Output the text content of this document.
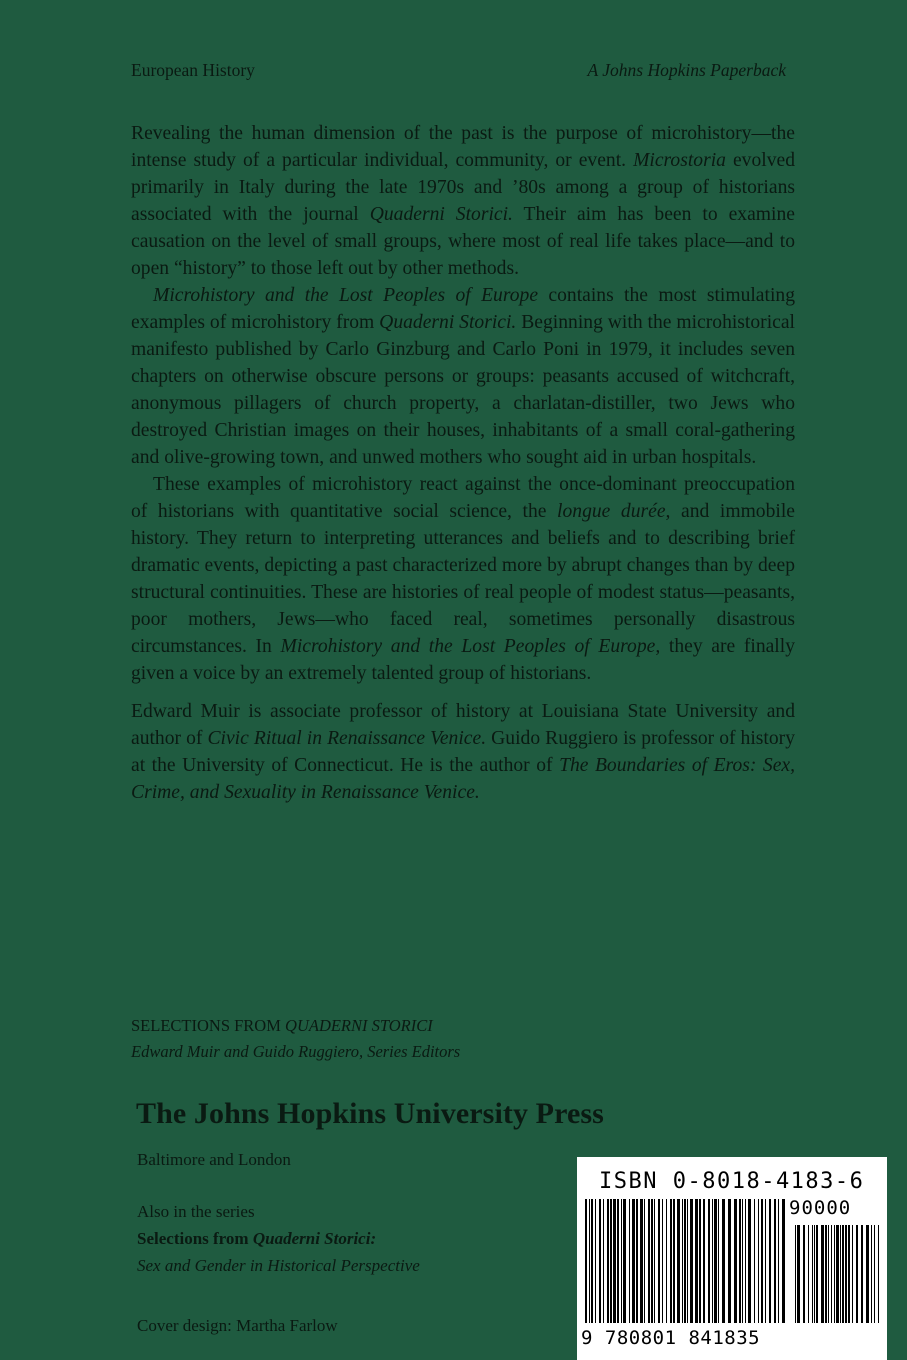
European History	A Johns Hopkins Paperback

Revealing the human dimension of the past is the purpose of microhistory—the intense study of a particular individual, community, or event. Microstoria evolved primarily in Italy during the late 1970s and ’80s among a group of historians associated with the journal Quaderni Storici. Their aim has been to examine causation on the level of small groups, where most of real life takes place—and to open “history” to those left out by other methods.

Microhistory and the Lost Peoples of Europe contains the most stimulating examples of microhistory from Quaderni Storici. Beginning with the microhistorical manifesto published by Carlo Ginzburg and Carlo Poni in 1979, it includes seven chapters on otherwise obscure persons or groups: peasants accused of witchcraft, anonymous pillagers of church property, a charlatan-distiller, two Jews who destroyed Christian images on their houses, inhabitants of a small coral-gathering and olive-growing town, and unwed mothers who sought aid in urban hospitals.

These examples of microhistory react against the once-dominant preoccupation of historians with quantitative social science, the longue durée, and immobile history. They return to interpreting utterances and beliefs and to describing brief dramatic events, depicting a past characterized more by abrupt changes than by deep structural continuities. These are histories of real people of modest status—peasants, poor mothers, Jews—who faced real, sometimes personally disastrous circumstances. In Microhistory and the Lost Peoples of Europe, they are finally given a voice by an extremely talented group of historians.

Edward Muir is associate professor of history at Louisiana State University and author of Civic Ritual in Renaissance Venice. Guido Ruggiero is professor of history at the University of Connecticut. He is the author of The Boundaries of Eros: Sex, Crime, and Sexuality in Renaissance Venice.

SELECTIONS FROM QUADERNI STORICI
Edward Muir and Guido Ruggiero, Series Editors
The Johns Hopkins University Press
Baltimore and London
Also in the series
Selections from Quaderni Storici:
Sex and Gender in Historical Perspective
Cover design: Martha Farlow
ISBN 0-8018-4183-6
90000
9 780801 841835
